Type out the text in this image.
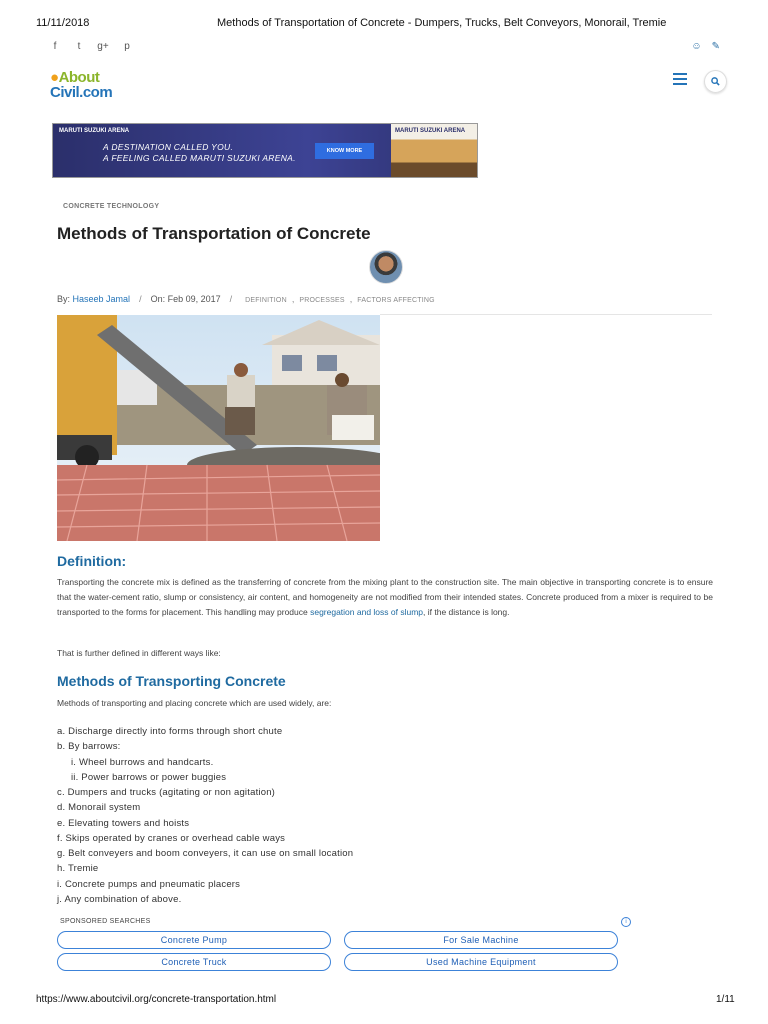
11/11/2018	Methods of Transportation of Concrete - Dumpers, Trucks, Belt Conveyors, Monorail, Tremie
f	t	g+	p	☺ ✎
●About
Civil.com
MARUTI SUZUKI ARENA
A DESTINATION CALLED YOU.
A FEELING CALLED MARUTI SUZUKI ARENA.
KNOW MORE
MARUTI SUZUKI ARENA
CONCRETE TECHNOLOGY
Methods of Transportation of Concrete
By:
Haseeb Jamal / On: Feb 09, 2017 / DEFINITION , PROCESSES , FACTORS AFFECTING
Definition:
Transporting the concrete mix is defined as the transferring of concrete from the mixing plant to the construction site. The main objective in transporting concrete is to ensure that the water-cement ratio, slump or consistency, air content, and homogeneity are not modified from their intended states. Concrete produced from a mixer is required to be transported to the forms for placement. This handling may produce segregation and loss of slump, if the distance is long.
That is further defined in different ways like:
Methods of Transporting Concrete
Methods of transporting and placing concrete which are used widely, are:
a. Discharge directly into forms through short chute
b. By barrows:
i. Wheel burrows and handcarts.
ii. Power barrows or power buggies
c. Dumpers and trucks (agitating or non agitation)
d. Monorail system
e. Elevating towers and hoists
f. Skips operated by cranes or overhead cable ways
g. Belt conveyers and boom conveyers, it can use on small location
h. Tremie
i. Concrete pumps and pneumatic placers
j. Any combination of above.
SPONSORED SEARCHES	i
Concrete Pump	For Sale Machine
Concrete Truck	Used Machine Equipment
https://www.aboutcivil.org/concrete-transportation.html	1/11
